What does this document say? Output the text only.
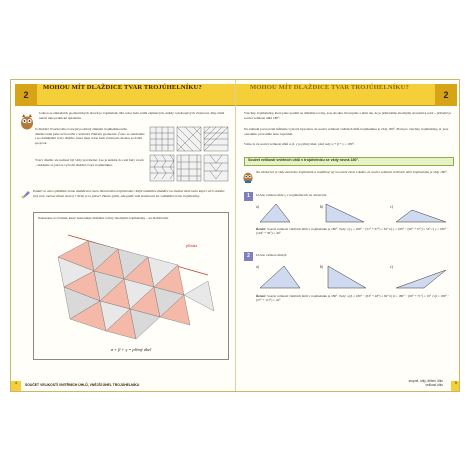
2
MOHOU MÍT DLAŽDICE TVAR TROJÚHELNÍKU?
Jednou ze základních geometrických útvarů je trojúhelník. Má celou řadu velmi zajímavých, někdy i překvapivých vlastností, díky nimž nalezl také praktické uplatnění.
O dlaždici čtverhového tvaru již podobný zmínění trojúhelníkového dlaždicování jsme už hovořili v učebnici Základy geometrie. Často se setkáváme i se složitějšími tvary dlaždic, které mají celou řadu vlastností, mohou se dobře spojovat.
Tvary dlaždic ale nemusí být vždy pravidelné. Lze je skládat do celé řady vzorů – ukážeme si, jak lze vytvořit dlaždici tvaru trojúhelníku.
Podaří se vám vydláždit rovinu dlaždicemi tvaru libovolného trojúhelníku? Když rozdělíme dlaždice na shodné části nebo když z nich složíme jiný vzor, mohou zůstat mezery? Nebo je to jedno? Zkuste zjistit, zda podle vaší zkušenosti lze vydláždit rovinu trojúhelníky.
Nakreslete si obrázek, který znázorňuje dláždění roviny shodnými trojúhelníky – na dlaždicemi:
přímka
α + β + γ = přímý úhel
4	SOUČET VELIKOSTÍ VNITŘNÍCH ÚHLŮ, VNĚJŠÍ ÚHEL TROJÚHELNÍKU
MOHOU MÍT DLAŽDICE TVAR TROJÚHELNÍKU?
2
Všechny trojúhelníky, které jsme použili na dláždění roviny, jsou shodné. Pracujeme s nimi tak, že je přikládáme shodnými stranami k sobě – přičemž je součet velikostí úhlů 180°.
Na základě pozorování můžeme vyslovit hypotézu, že součet velikostí vnitřních úhlů trojúhelníku je vždy 180°. Platí pro všechny trojúhelníky, ať jsou ostroúhlé, pravoúhlé nebo tupoúhlé.
Víme-li, že součet velikostí úhlů α, β, γ je přímý úhel, platí tedy α + β + γ = 180°.
Součet velikostí vnitřních úhlů v trojúhelníku se vždy rovná 180°.
Na obrázcích je vždy zakreslen trojúhelník a rozdělíme jej na menší části. Ukažte, že součet velikostí vnitřních úhlů trojúhelníku je vždy 180°.
1	Určete velikost úhlu γ v trojúhelnících na obrázcích:
a)	b)	c)
Řešení: Součet velikostí vnitřních úhlů v trojúhelníku je 180°. Tedy: a) γ = 180° − (51° + 67°) = 62° b) γ = 180° − (90° + 37°) = 53° c) γ = 180° − (104° + 36°) = 40°
2	Určete velikost úhlu β:
a)	b)	c)
Řešení: Součet velikostí vnitřních úhlů v trojúhelníku je 180°. Tedy: a) β = 180° − (63° + 48°) = 69° b) β = 180° − (90° + 71°) = 19° c) β = 180° − (27° + 111°) = 42°
stupně, úhly, dělení úhlu
velikost úhlu	5
